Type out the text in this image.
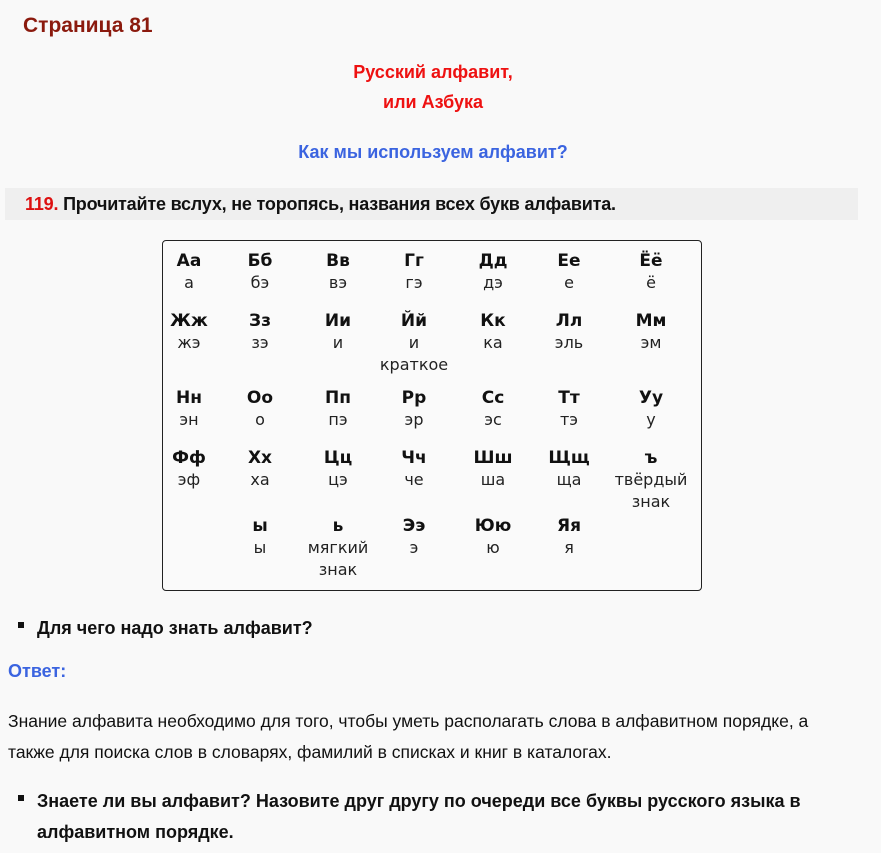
Страница 81
Русский алфавит,
или Азбука
Как мы используем алфавит?
119. Прочитайте вслух, не торопясь, названия всех букв алфавита.
Аа
а
Бб
бэ
Вв
вэ
Гг
гэ
Дд
дэ
Ее
е
Ёё
ё
Жж
жэ
Зз
зэ
Ии
и
Йй
и
краткое
Кк
ка
Лл
эль
Мм
эм
Нн
эн
Оо
о
Пп
пэ
Рр
эр
Сс
эс
Тт
тэ
Уу
у
Фф
эф
Хх
ха
Цц
цэ
Чч
че
Шш
ша
Щщ
ща
ъ
твёрдый
знак
ы
ы
ь
мягкий
знак
Ээ
э
Юю
ю
Яя
я
Для чего надо знать алфавит?
Ответ:
Знание алфавита необходимо для того, чтобы уметь располагать слова в алфавитном порядке, а также для поиска слов в словарях, фамилий в списках и книг в каталогах.
Знаете ли вы алфавит? Назовите друг другу по очереди все буквы русского языка в алфавитном порядке.
